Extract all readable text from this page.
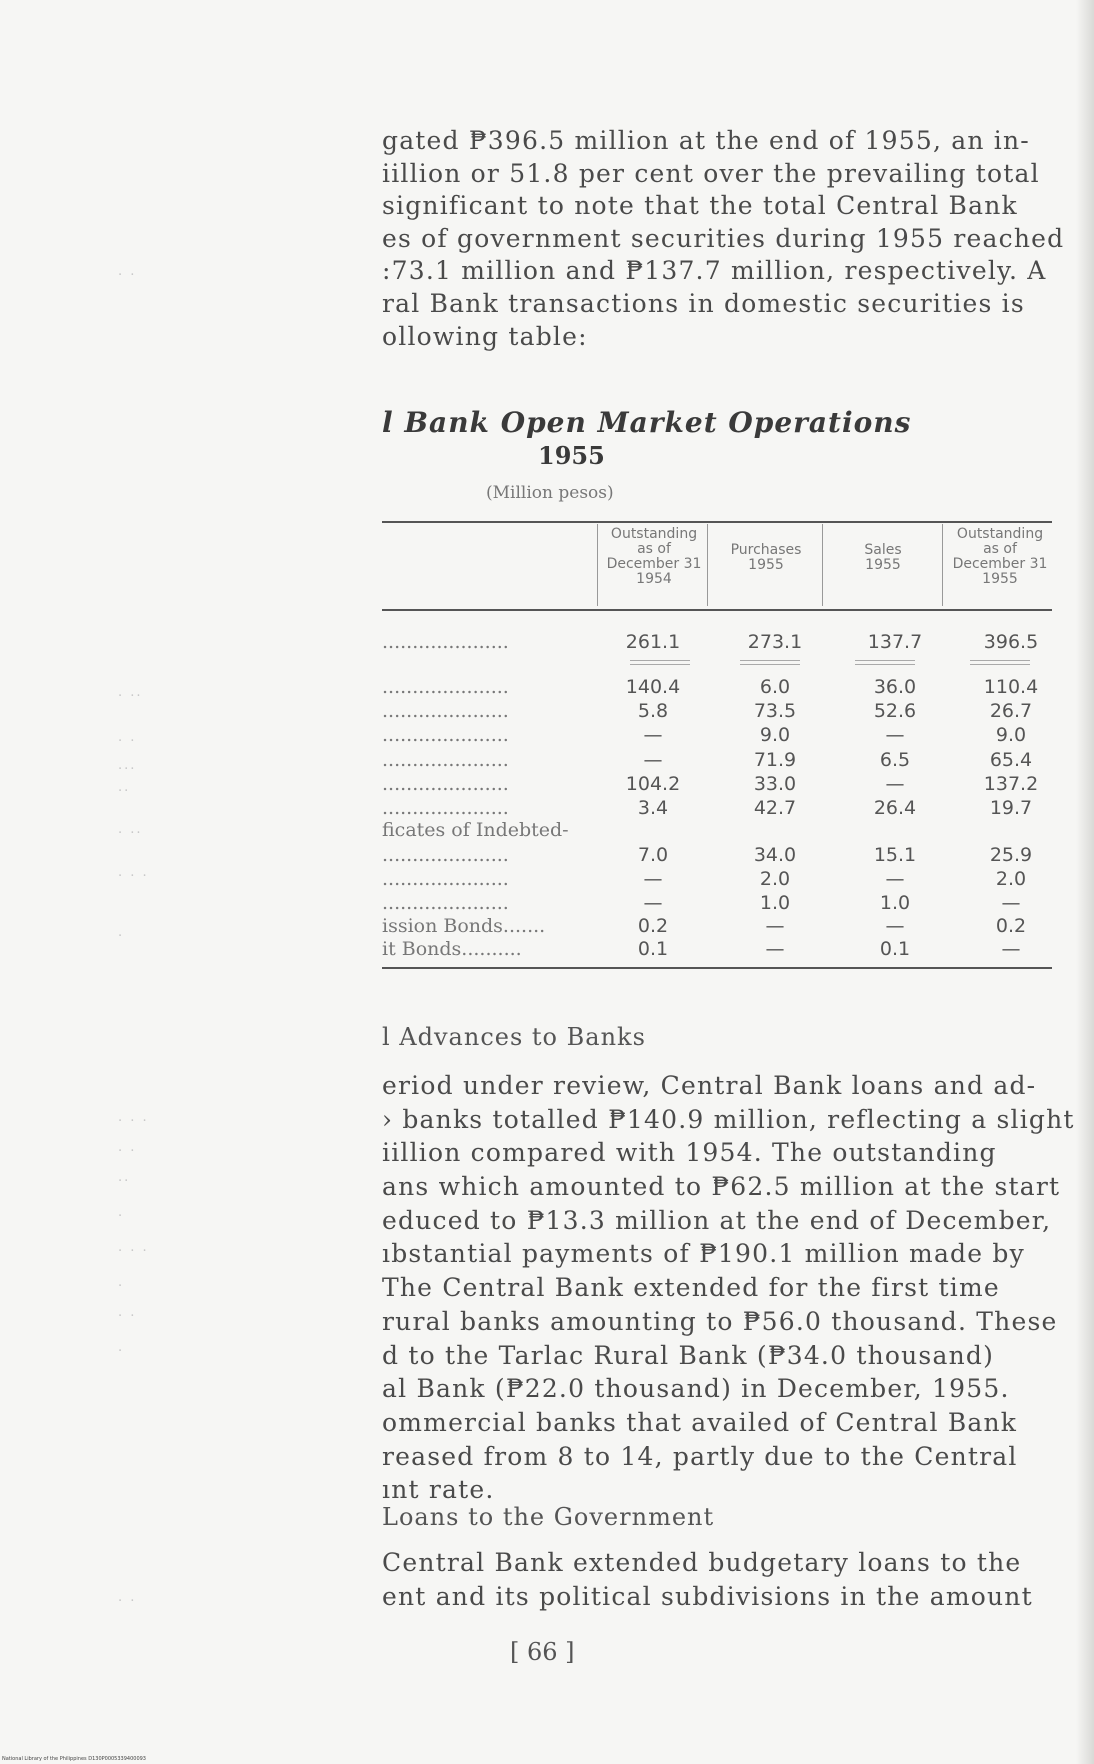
gated ₱396.5 million at the end of 1955, an in-
iillion or 51.8 per cent over the prevailing total
significant to note that the total Central Bank
es of government securities during 1955 reached
:73.1 million and ₱137.7 million, respectively. A
ral Bank transactions in domestic securities is
ollowing table:
l Bank Open Market Operations
1955
(Million pesos)
Outstanding
as of
December 31
1954
Purchases
1955
Sales
1955
Outstanding
as of
December 31
1955
.....................	261.1	273.1	137.7	396.5
.....................	140.4	6.0	36.0	110.4
.....................	5.8	73.5	52.6	26.7
.....................	—	9.0	—	9.0
.....................	—	71.9	6.5	65.4
.....................	104.2	33.0	—	137.2
.....................	3.4	42.7	26.4	19.7
ficates of Indebted-
.....................	7.0	34.0	15.1	25.9
.....................	—	2.0	—	2.0
.....................	—	1.0	1.0	—
ission Bonds.......	0.2	—	—	0.2
it Bonds..........	0.1	—	0.1	—
l Advances to Banks
eriod under review, Central Bank loans and ad-
› banks totalled ₱140.9 million, reflecting a slight
iillion compared with 1954. The outstanding
ans which amounted to ₱62.5 million at the start
educed to ₱13.3 million at the end of December,
ıbstantial payments of ₱190.1 million made by
The Central Bank extended for the first time
rural banks amounting to ₱56.0 thousand. These
d to the Tarlac Rural Bank (₱34.0 thousand)
al Bank (₱22.0 thousand) in December, 1955.
ommercial banks that availed of Central Bank
reased from 8 to 14, partly due to the Central
ınt rate.
Loans to the Government
Central Bank extended budgetary loans to the
ent and its political subdivisions in the amount
[ 66 ]
. .
. ..
. .
...
..
. ..
. . .
.
. . .
. .
..
.
. . .
.
. .
.
. .
National Library of the Philippines D130P0005339400093
